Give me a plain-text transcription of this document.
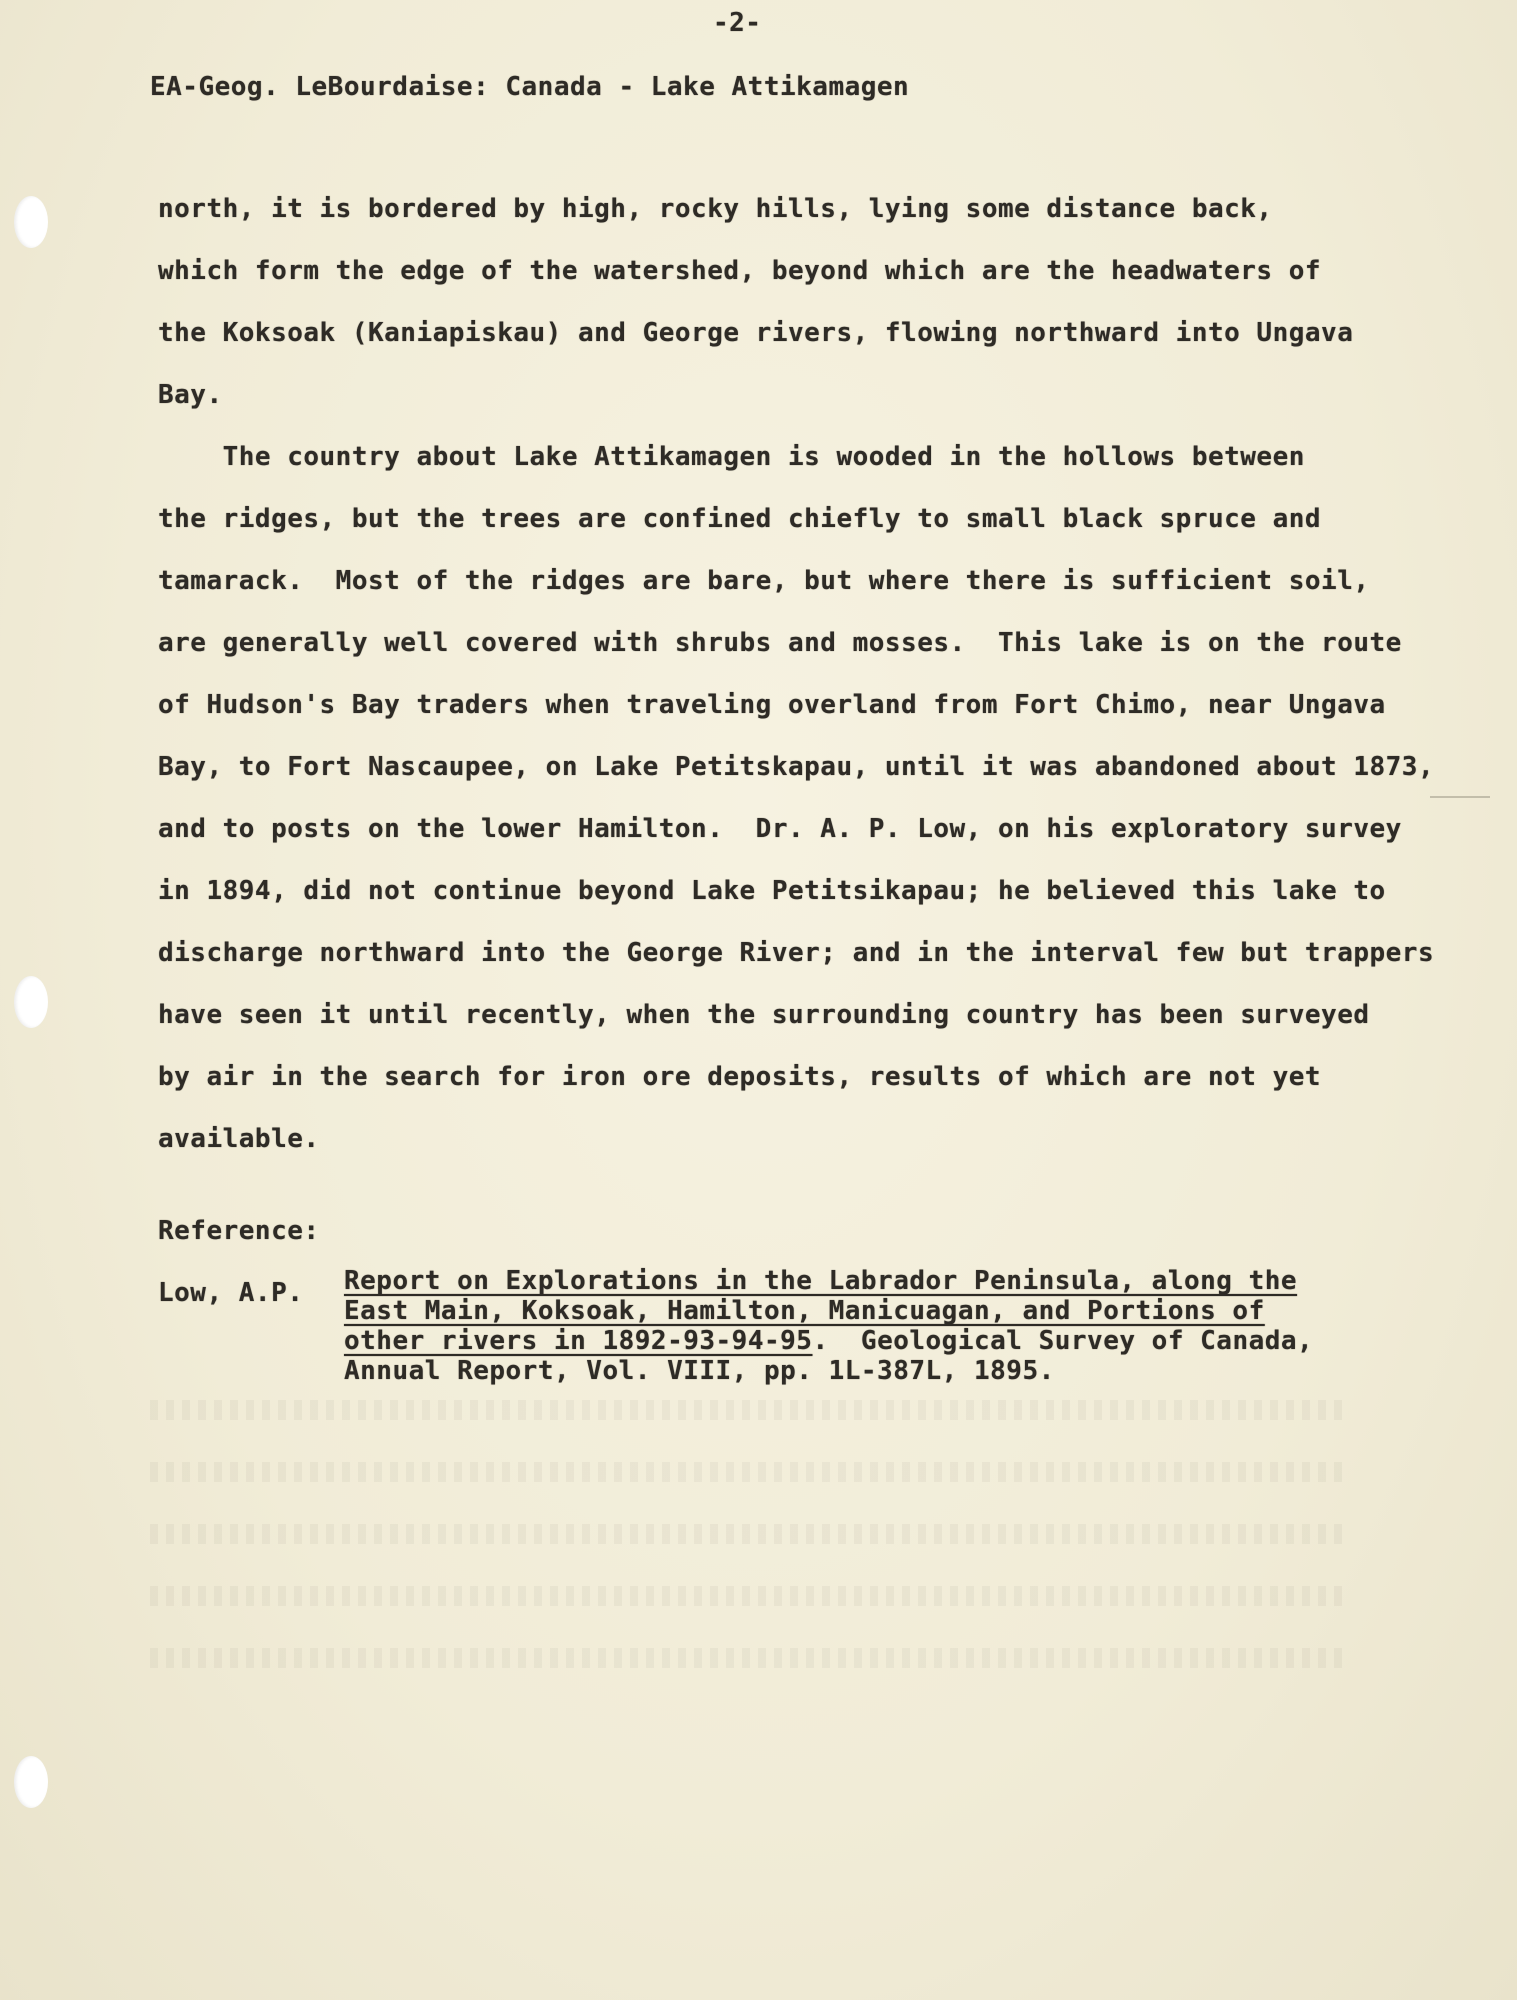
-2-
EA-Geog. LeBourdaise: Canada - Lake Attikamagen
north, it is bordered by high, rocky hills, lying some distance back,
which form the edge of the watershed, beyond which are the headwaters of
the Koksoak (Kaniapiskau) and George rivers, flowing northward into Ungava
Bay.
The country about Lake Attikamagen is wooded in the hollows between
the ridges, but the trees are confined chiefly to small black spruce and
tamarack.  Most of the ridges are bare, but where there is sufficient soil,
are generally well covered with shrubs and mosses.  This lake is on the route
of Hudson's Bay traders when traveling overland from Fort Chimo, near Ungava
Bay, to Fort Nascaupee, on Lake Petitskapau, until it was abandoned about 1873,
and to posts on the lower Hamilton.  Dr. A. P. Low, on his exploratory survey
in 1894, did not continue beyond Lake Petitsikapau; he believed this lake to
discharge northward into the George River; and in the interval few but trappers
have seen it until recently, when the surrounding country has been surveyed
by air in the search for iron ore deposits, results of which are not yet
available.
Reference:
Low, A.P. Report on Explorations in the Labrador Peninsula, along the
East Main, Koksoak, Hamilton, Manicuagan, and Portions of
other rivers in 1892-93-94-95.  Geological Survey of Canada,
Annual Report, Vol. VIII, pp. 1L-387L, 1895.
